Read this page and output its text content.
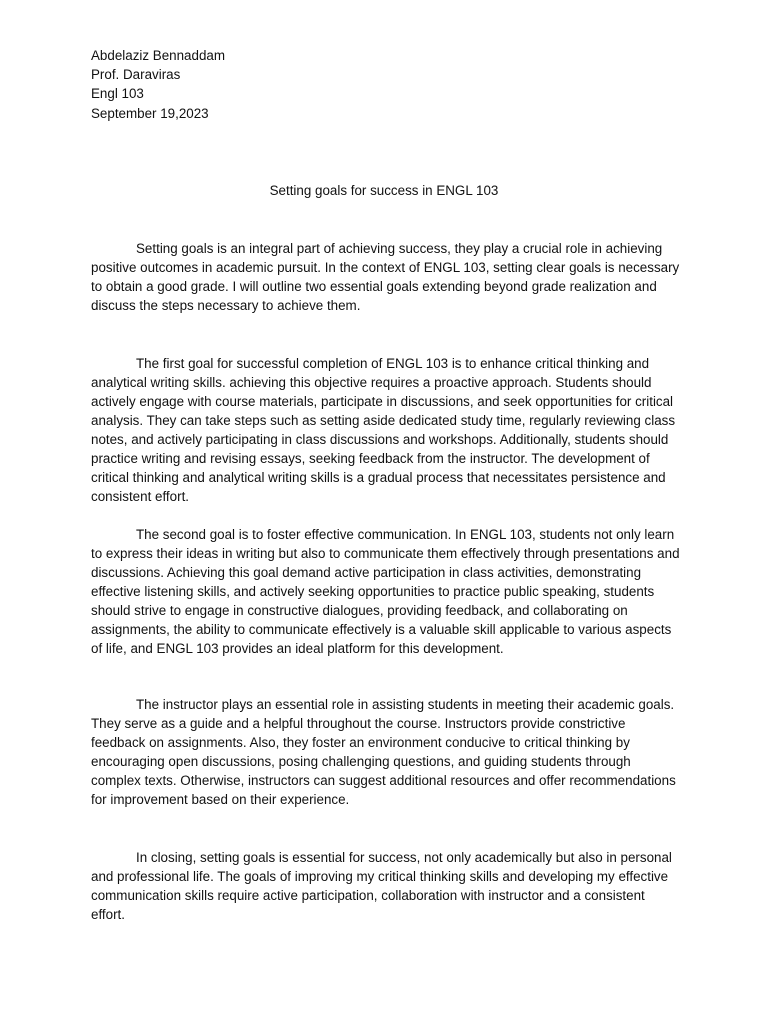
Abdelaziz Bennaddam
Prof. Daraviras
Engl 103
September 19,2023
Setting goals for success in ENGL 103

Setting goals is an integral part of achieving success, they play a crucial role in achieving positive outcomes in academic pursuit. In the context of ENGL 103, setting clear goals is necessary to obtain a good grade. I will outline two essential goals extending beyond grade realization and discuss the steps necessary to achieve them.

The first goal for successful completion of ENGL 103 is to enhance critical thinking and analytical writing skills. achieving this objective requires a proactive approach. Students should actively engage with course materials, participate in discussions, and seek opportunities for critical analysis. They can take steps such as setting aside dedicated study time, regularly reviewing class notes, and actively participating in class discussions and workshops. Additionally, students should practice writing and revising essays, seeking feedback from the instructor. The development of critical thinking and analytical writing skills is a gradual process that necessitates persistence and consistent effort.

The second goal is to foster effective communication. In ENGL 103, students not only learn to express their ideas in writing but also to communicate them effectively through presentations and discussions. Achieving this goal demand active participation in class activities, demonstrating effective listening skills, and actively seeking opportunities to practice public speaking, students should strive to engage in constructive dialogues, providing feedback, and collaborating on assignments, the ability to communicate effectively is a valuable skill applicable to various aspects of life, and ENGL 103 provides an ideal platform for this development.

The instructor plays an essential role in assisting students in meeting their academic goals. They serve as a guide and a helpful throughout the course. Instructors provide constrictive feedback on assignments. Also, they foster an environment conducive to critical thinking by encouraging open discussions, posing challenging questions, and guiding students through complex texts. Otherwise, instructors can suggest additional resources and offer recommendations for improvement based on their experience.

In closing, setting goals is essential for success, not only academically but also in personal and professional life. The goals of improving my critical thinking skills and developing my effective communication skills require active participation, collaboration with instructor and a consistent effort.
